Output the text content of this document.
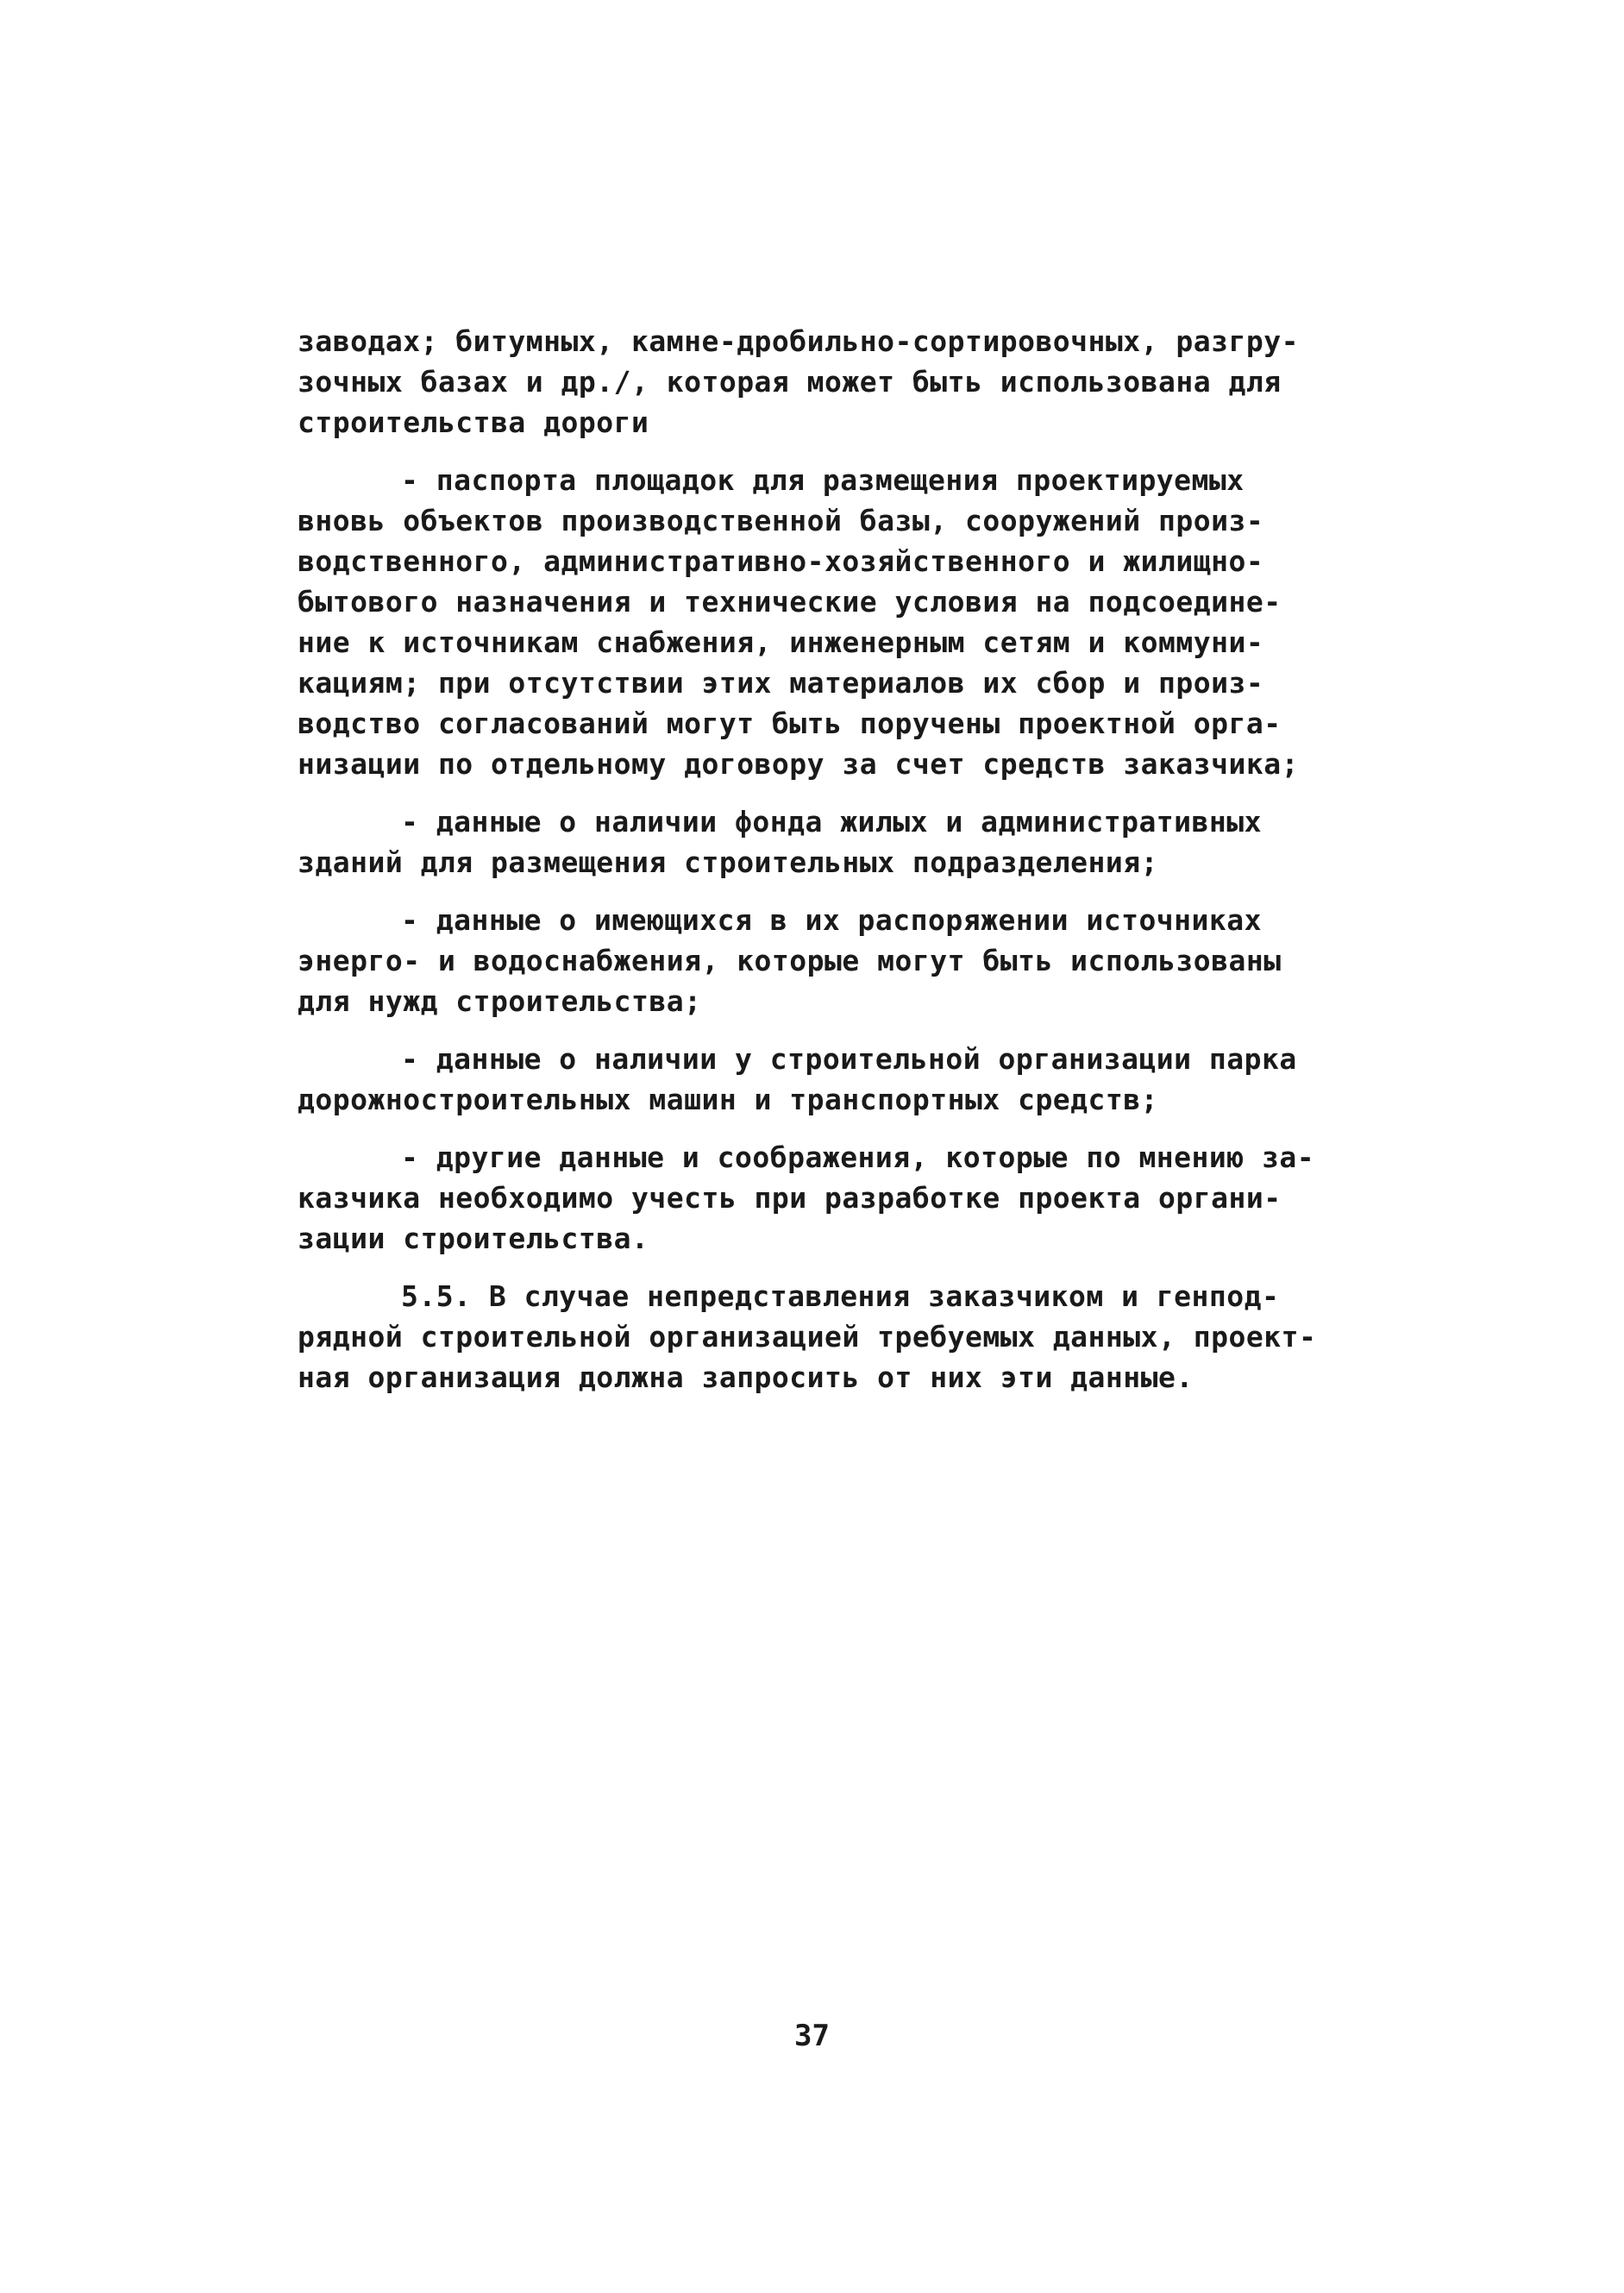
заводах; битумных, камне-дробильно-сортировочных, разгру-
зочных базах и др./, которая может быть использована для
строительства дороги
- паспорта площадок для размещения проектируемых
вновь объектов производственной базы, сооружений произ-
водственного, административно-хозяйственного и жилищно-
бытового назначения и технические условия на подсоедине-
ние к источникам снабжения, инженерным сетям и коммуни-
кациям; при отсутствии этих материалов их сбор и произ-
водство согласований могут быть поручены проектной орга-
низации по отдельному договору за счет средств заказчика;
- данные о наличии фонда жилых и административных
зданий для размещения строительных подразделения;
- данные о имеющихся в их распоряжении источниках
энерго- и водоснабжения, которые могут быть использованы
для нужд строительства;
- данные о наличии у строительной организации парка
дорожностроительных машин и транспортных средств;
- другие данные и соображения, которые по мнению за-
казчика необходимо учесть при разработке проекта органи-
зации строительства.
5.5. В случае непредставления заказчиком и генпод-
рядной строительной организацией требуемых данных, проект-
ная организация должна запросить от них эти данные.
37
